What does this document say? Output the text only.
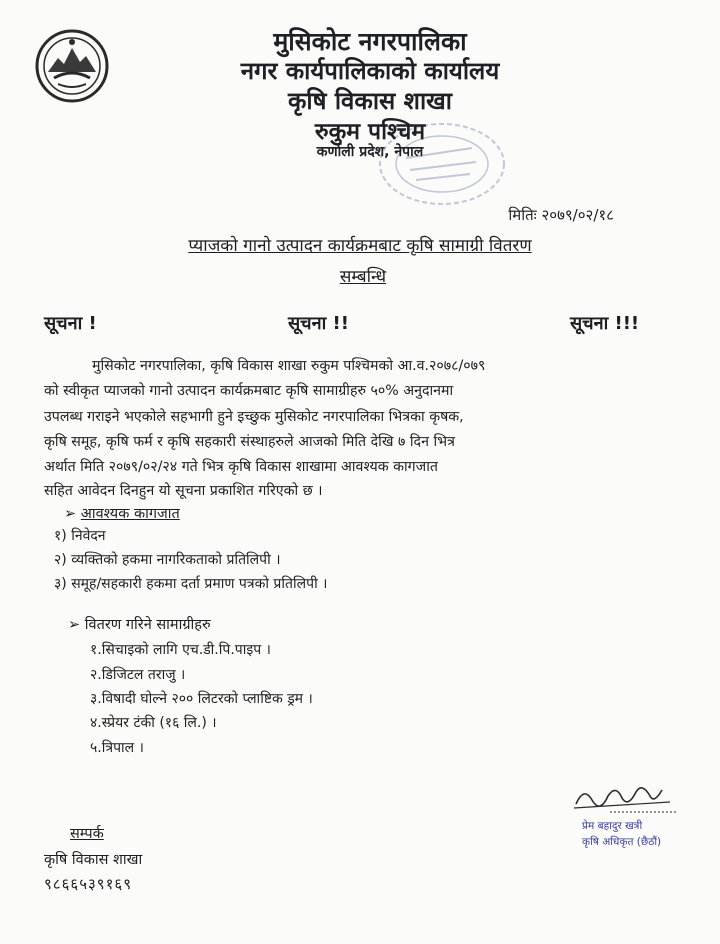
मुसिकोट नगरपालिका
नगर कार्यपालिकाको कार्यालय
कृषि विकास शाखा
रुकुम पश्चिम
कर्णाली प्रदेश, नेपाल
मितिः २०७९/०२/१८
प्याजको गानो उत्पादन कार्यक्रमबाट कृषि सामाग्री वितरण
सम्बन्धि
सूचना !	सूचना !!	सूचना !!!
मुसिकोट नगरपालिका, कृषि विकास शाखा रुकुम पश्चिमको आ.व.२०७८/०७९
को स्वीकृत प्याजको गानो उत्पादन कार्यक्रमबाट कृषि सामाग्रीहरु ५०% अनुदानमा
उपलब्ध गराइने भएकोले सहभागी हुने इच्छुक मुसिकोट नगरपालिका भित्रका कृषक,
कृषि समूह, कृषि फर्म र कृषि सहकारी संस्थाहरुले आजको मिति देखि ७ दिन भित्र
अर्थात मिति २०७९/०२/२४ गते भित्र कृषि विकास शाखामा आवश्यक कागजात
सहित आवेदन दिनहुन यो सूचना प्रकाशित गरिएको छ ।
➢ आवश्यक कागजात
१) निवेदन
२) व्यक्तिको हकमा नागरिकताको प्रतिलिपी ।
३) समूह/सहकारी हकमा दर्ता प्रमाण पत्रको प्रतिलिपी ।
➢ वितरण गरिने सामाग्रीहरु
१.सिचाइको लागि एच.डी.पि.पाइप ।
२.डिजिटल तराजु ।
३.विषादी घोल्ने २०० लिटरको प्लाष्टिक ड्रम ।
४.स्प्रेयर टंकी (१६ लि.) ।
५.त्रिपाल ।
प्रेम बहादुर खत्री
कृषि अधिकृत (छैठौं)
सम्पर्क
कृषि विकास शाखा
९८६६५३९१६९
